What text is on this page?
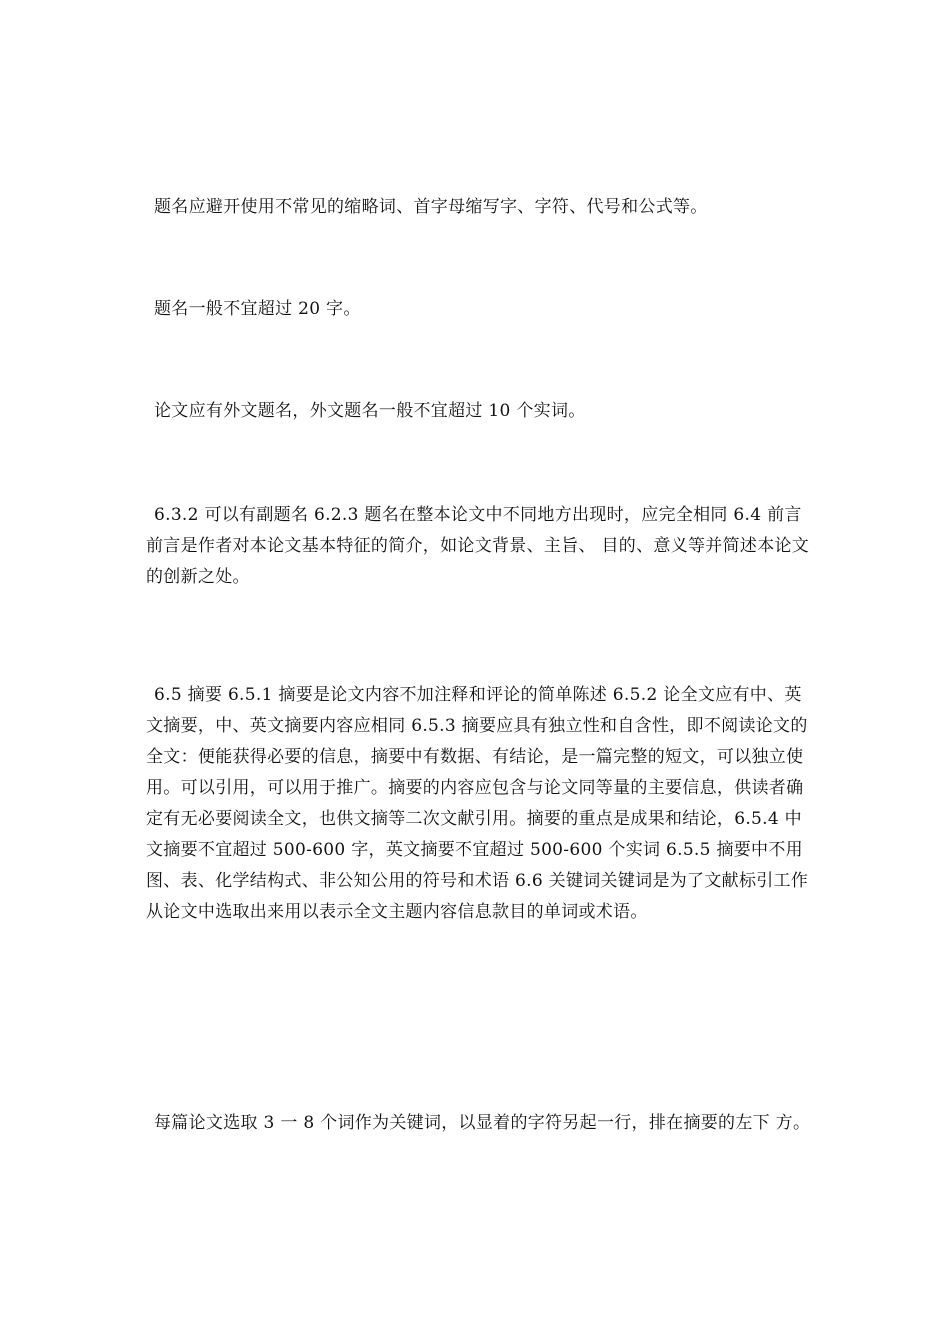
题名应避开使用不常见的缩略词、首字母缩写字、字符、代号和公式等。

题名一般不宜超过 20 字。

论文应有外文题名，外文题名一般不宜超过 10 个实词。

6.3.2 可以有副题名 6.2.3 题名在整本论文中不同地方出现时，应完全相同 6.4 前言前言是作者对本论文基本特征的简介，如论文背景、主旨、 目的、意义等并简述本论文的创新之处。

6.5 摘要 6.5.1 摘要是论文内容不加注释和评论的简单陈述 6.5.2 论全文应有中、英文摘要，中、英文摘要内容应相同 6.5.3 摘要应具有独立性和自含性，即不阅读论文的全文：便能获得必要的信息，摘要中有数据、有结论，是一篇完整的短文，可以独立使用。可以引用，可以用于推广。摘要的内容应包含与论文同等量的主要信息，供读者确定有无必要阅读全文，也供文摘等二次文献引用。摘要的重点是成果和结论，6.5.4 中文摘要不宜超过 500-600 字，英文摘要不宜超过 500-600 个实词 6.5.5 摘要中不用图、表、化学结构式、非公知公用的符号和术语 6.6 关键词关键词是为了文献标引工作从论文中选取出来用以表示全文主题内容信息款目的单词或术语。

每篇论文选取 3 一 8 个词作为关键词，以显着的字符另起一行，排在摘要的左下 方。
